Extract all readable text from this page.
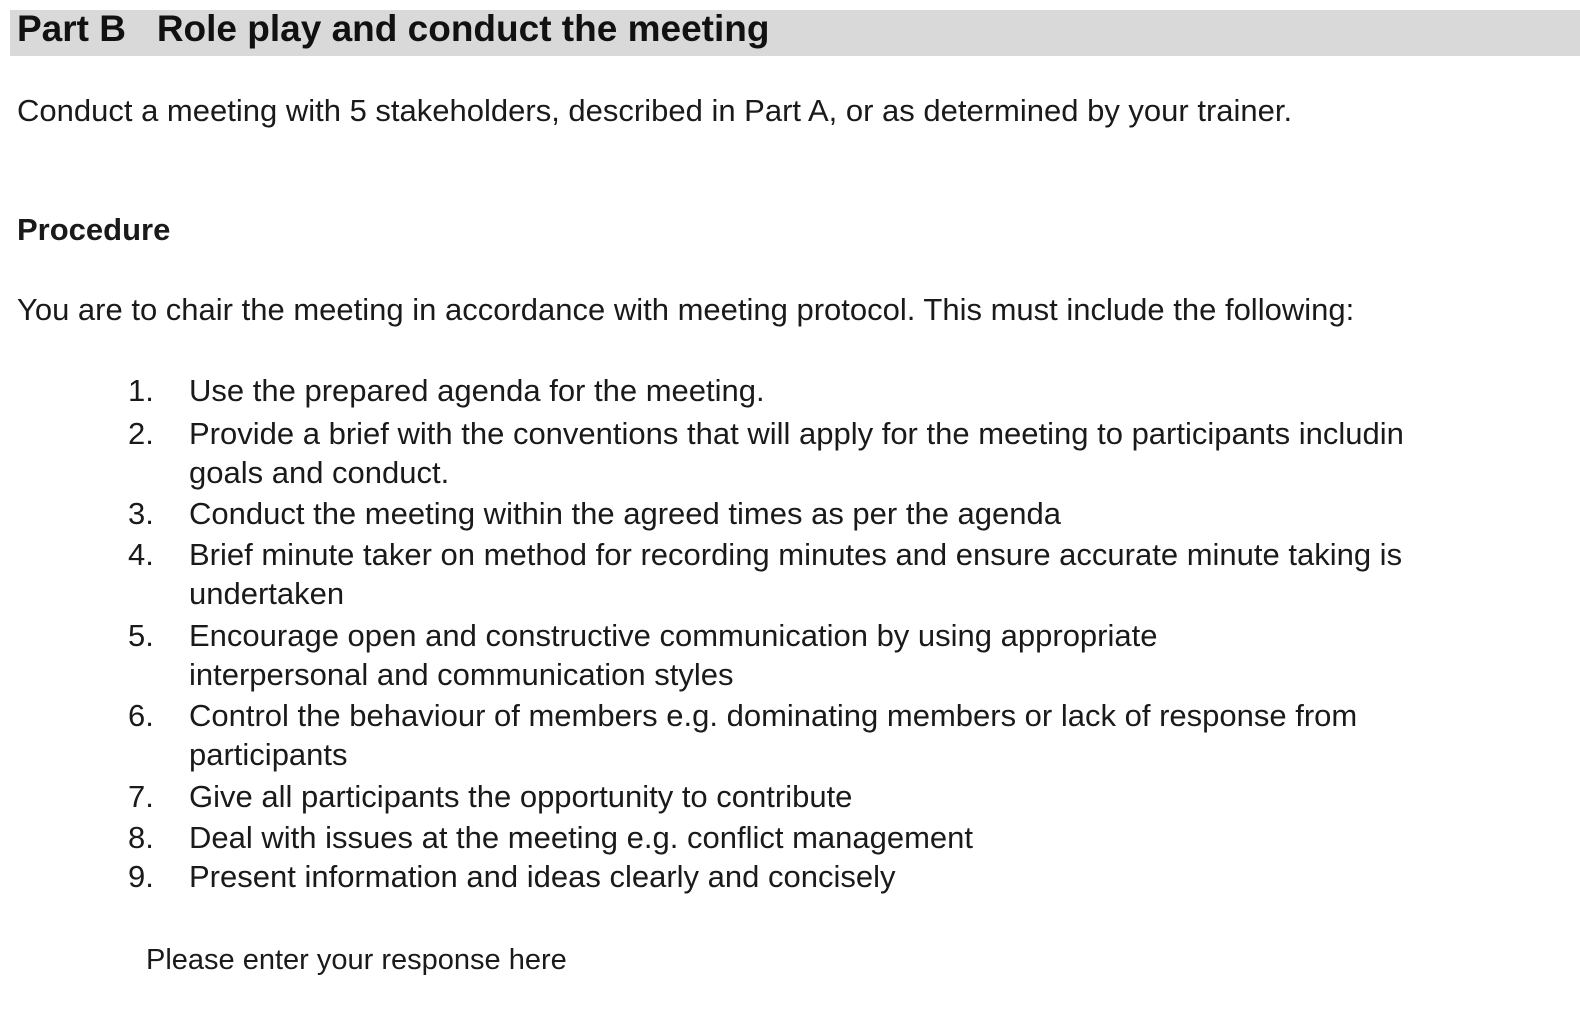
Part B   Role play and conduct the meeting
Conduct a meeting with 5 stakeholders, described in Part A, or as determined by your trainer.
Procedure
You are to chair the meeting in accordance with meeting protocol. This must include the following:
1. Use the prepared agenda for the meeting.
2. Provide a brief with the conventions that will apply for the meeting to participants includin
goals and conduct.
3. Conduct the meeting within the agreed times as per the agenda
4. Brief minute taker on method for recording minutes and ensure accurate minute taking is
undertaken
5. Encourage open and constructive communication by using appropriate
interpersonal and communication styles
6. Control the behaviour of members e.g. dominating members or lack of response from
participants
7. Give all participants the opportunity to contribute
8. Deal with issues at the meeting e.g. conflict management
9. Present information and ideas clearly and concisely
Please enter your response here
